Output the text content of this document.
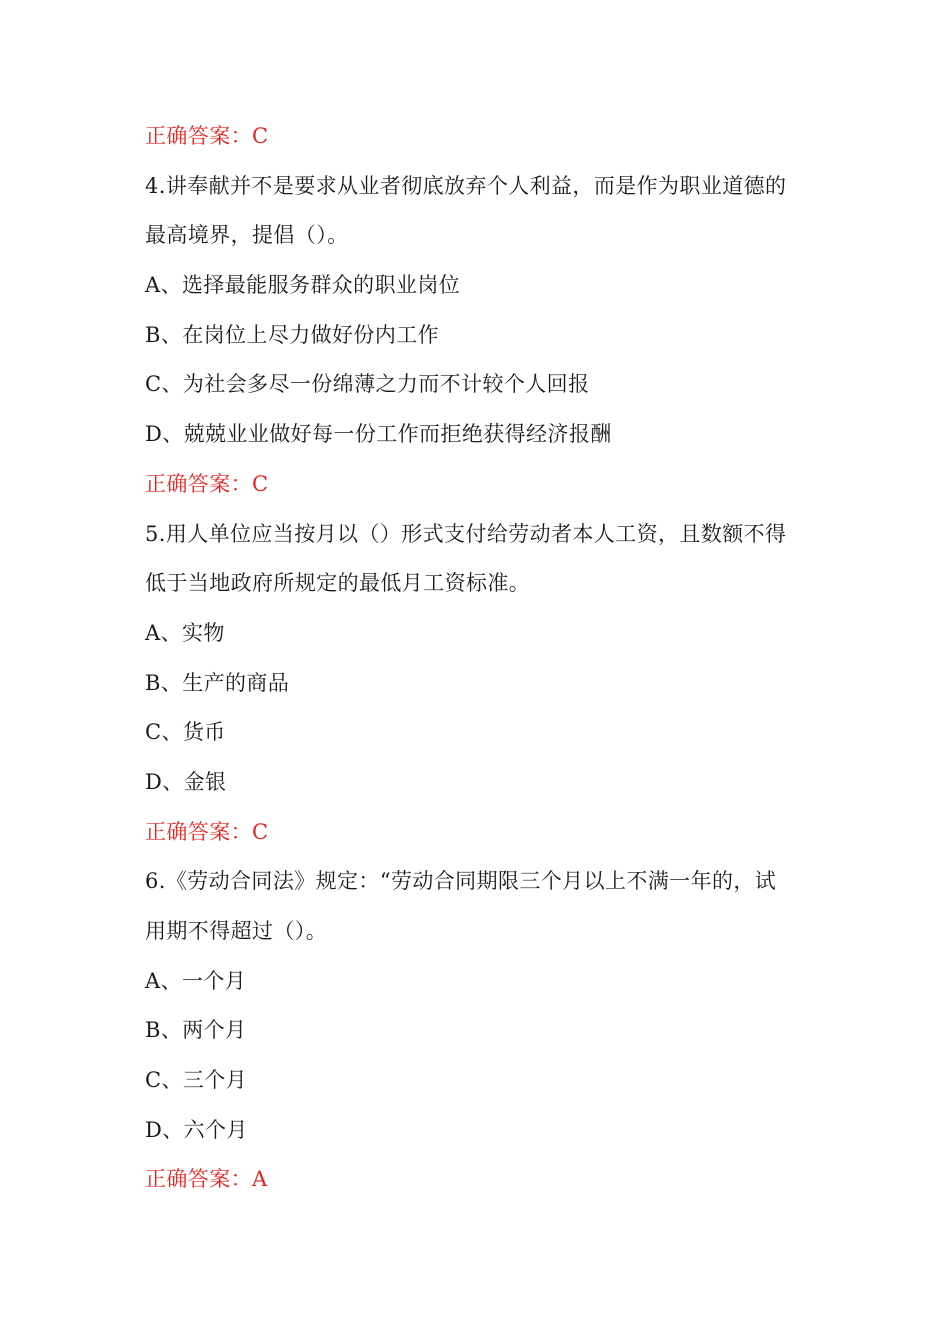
正确答案：C
4.讲奉献并不是要求从业者彻底放弃个人利益，而是作为职业道德的
最高境界，提倡（）。
A、选择最能服务群众的职业岗位
B、在岗位上尽力做好份内工作
C、为社会多尽一份绵薄之力而不计较个人回报
D、兢兢业业做好每一份工作而拒绝获得经济报酬
正确答案：C
5.用人单位应当按月以（）形式支付给劳动者本人工资，且数额不得
低于当地政府所规定的最低月工资标准。
A、实物
B、生产的商品
C、货币
D、金银
正确答案：C
6.《劳动合同法》规定：“劳动合同期限三个月以上不满一年的，试
用期不得超过（）。
A、一个月
B、两个月
C、三个月
D、六个月
正确答案：A
